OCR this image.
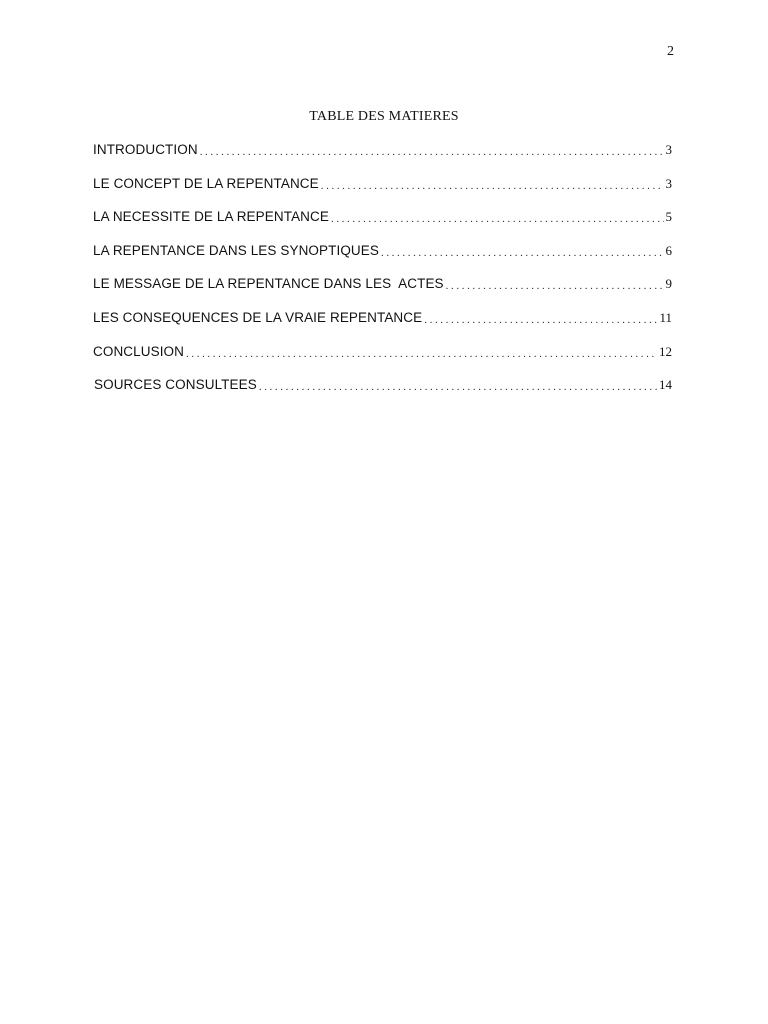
2
TABLE DES MATIERES
INTRODUCTION .....	3
LE CONCEPT DE LA REPENTANCE .....	3
LA NECESSITE DE LA REPENTANCE .....	5
LA REPENTANCE DANS LES SYNOPTIQUES .....	6
LE MESSAGE DE LA REPENTANCE DANS LES  ACTES .....	9
LES CONSEQUENCES DE LA VRAIE REPENTANCE .....	11
CONCLUSION .....	12
SOURCES CONSULTEES .....	14
